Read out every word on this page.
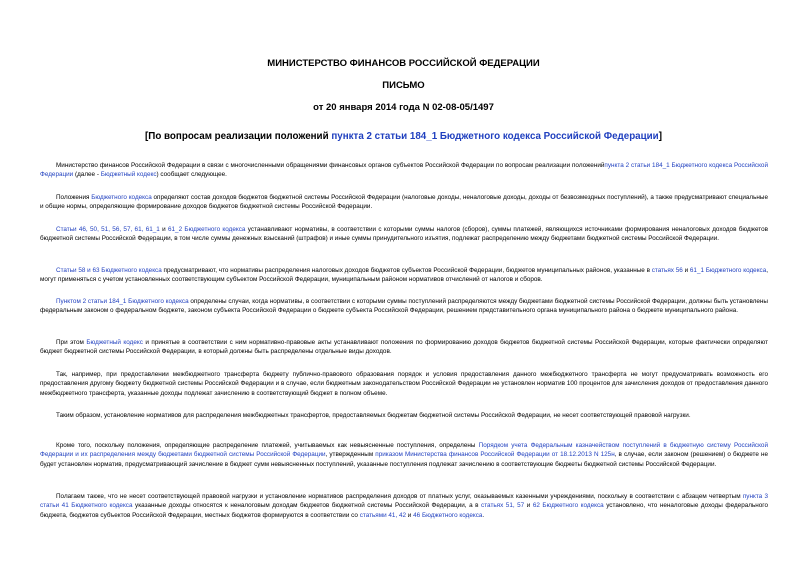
МИНИСТЕРСТВО ФИНАНСОВ РОССИЙСКОЙ ФЕДЕРАЦИИ
ПИСЬМО
от 20 января 2014 года N 02-08-05/1497
[По вопросам реализации положений пункта 2 статьи 184_1 Бюджетного кодекса Российской Федерации]

Министерство финансов Российской Федерации в связи с многочисленными обращениями финансовых органов субъектов Российской Федерации по вопросам реализации положенийпункта 2 статьи 184_1 Бюджетного кодекса Российской Федерации (далее - Бюджетный кодекс) сообщает следующее.

Положения Бюджетного кодекса определяют состав доходов бюджетов бюджетной системы Российской Федерации (налоговые доходы, неналоговые доходы, доходы от безвозмездных поступлений), а также предусматривают специальные и общие нормы, определяющие формирование доходов бюджетов бюджетной системы Российской Федерации.

Статьи 46, 50, 51, 56, 57, 61, 61_1 и 61_2 Бюджетного кодекса устанавливают нормативы, в соответствии с которыми суммы налогов (сборов), суммы платежей, являющихся источниками формирования неналоговых доходов бюджетов бюджетной системы Российской Федерации, в том числе суммы денежных взысканий (штрафов) и иные суммы принудительного изъятия, подлежат распределению между бюджетами бюджетной системы Российской Федерации.

Статьи 58 и 63 Бюджетного кодекса предусматривают, что нормативы распределения налоговых доходов бюджетов субъектов Российской Федерации, бюджетов муниципальных районов, указанные в статьях 56 и 61_1 Бюджетного кодекса, могут применяться с учетом установленных соответствующим субъектом Российской Федерации, муниципальным районом нормативов отчислений от налогов и сборов.

Пунктом 2 статьи 184_1 Бюджетного кодекса определены случаи, когда нормативы, в соответствии с которыми суммы поступлений распределяются между бюджетами бюджетной системы Российской Федерации, должны быть установлены федеральным законом о федеральном бюджете, законом субъекта Российской Федерации о бюджете субъекта Российской Федерации, решением представительного органа муниципального района о бюджете муниципального района.

При этом Бюджетный кодекс и принятые в соответствии с ним нормативно-правовые акты устанавливают положения по формированию доходов бюджетов бюджетной системы Российской Федерации, которые фактически определяют бюджет бюджетной системы Российской Федерации, в который должны быть распределены отдельные виды доходов.

Так, например, при предоставлении межбюджетного трансферта бюджету публично-правового образования порядок и условия предоставления данного межбюджетного трансферта не могут предусматривать возможность его предоставления другому бюджету бюджетной системы Российской Федерации и в случае, если бюджетным законодательством Российской Федерации не установлен норматив 100 процентов для зачисления доходов от предоставления данного межбюджетного трансферта, указанные доходы подлежат зачислению в соответствующий бюджет в полном объеме.

Таким образом, установление нормативов для распределения межбюджетных трансфертов, предоставляемых бюджетам бюджетной системы Российской Федерации, не несет соответствующей правовой нагрузки.

Кроме того, поскольку положения, определяющие распределение платежей, учитываемых как невыясненные поступления, определены Порядком учета Федеральным казначейством поступлений в бюджетную систему Российской Федерации и их распределения между бюджетами бюджетной системы Российской Федерации, утвержденным приказом Министерства финансов Российской Федерации от 18.12.2013 N 125н, в случае, если законом (решением) о бюджете не будет установлен норматив, предусматривающий зачисление в бюджет сумм невыясненных поступлений, указанные поступления подлежат зачислению в соответствующие бюджеты бюджетной системы Российской Федерации.

Полагаем также, что не несет соответствующей правовой нагрузки и установление нормативов распределения доходов от платных услуг, оказываемых казенными учреждениями, поскольку в соответствии с абзацем четвертым пункта 3 статьи 41 Бюджетного кодекса указанные доходы относятся к неналоговым доходам бюджетов бюджетной системы Российской Федерации, а в статьях 51, 57 и 62 Бюджетного кодекса установлено, что неналоговые доходы федерального бюджета, бюджетов субъектов Российской Федерации, местных бюджетов формируются в соответствии со статьями 41, 42 и 46 Бюджетного кодекса.
